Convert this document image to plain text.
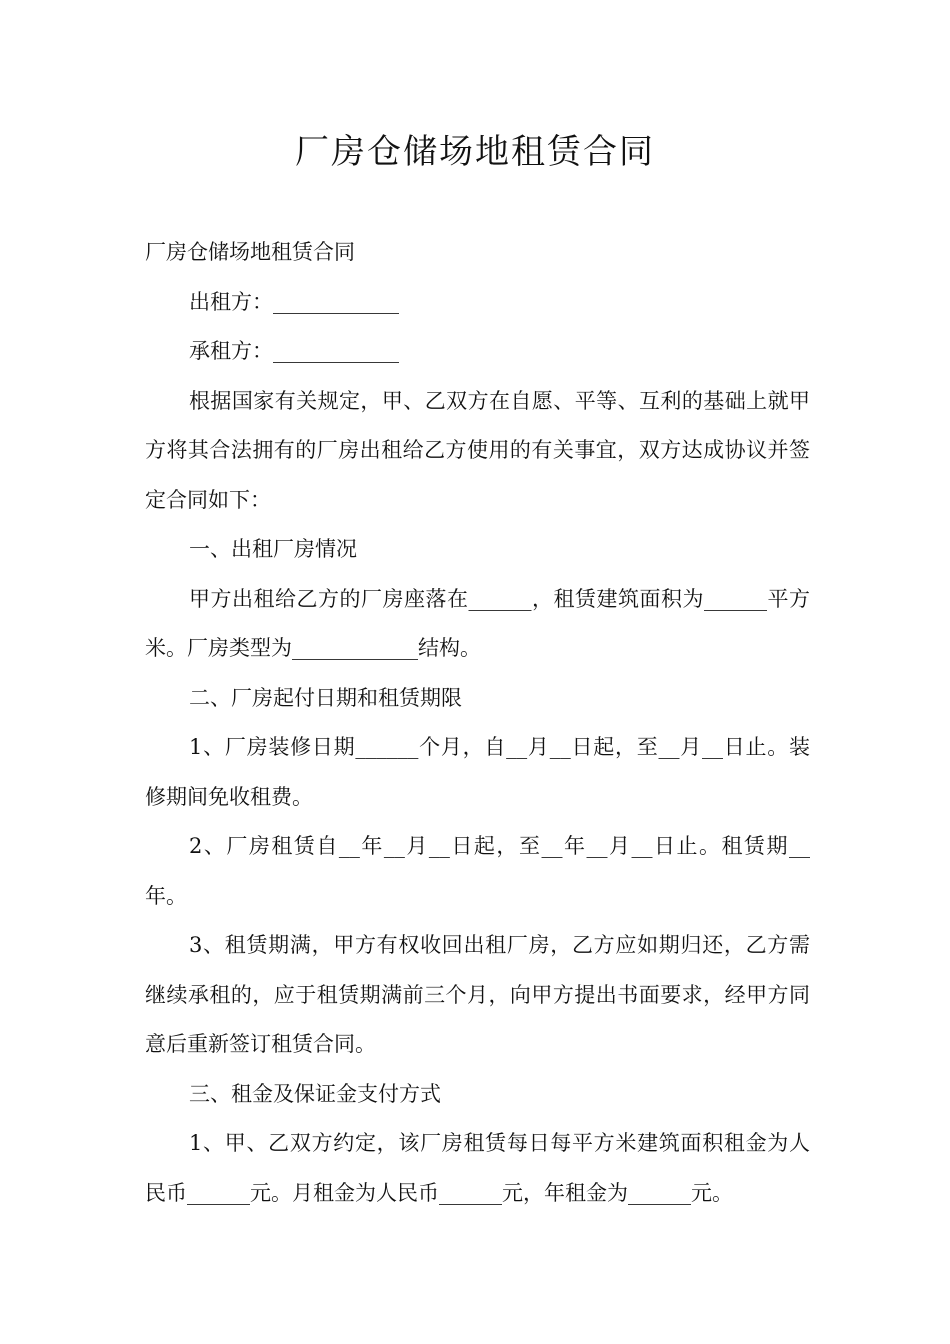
厂房仓储场地租赁合同

厂房仓储场地租赁合同

出租方：____________

承租方：____________

根据国家有关规定，甲、乙双方在自愿、平等、互利的基础上就甲方将其合法拥有的厂房出租给乙方使用的有关事宜，双方达成协议并签定合同如下：

一、出租厂房情况

甲方出租给乙方的厂房座落在______，租赁建筑面积为______平方米。厂房类型为____________结构。

二、厂房起付日期和租赁期限

1、厂房装修日期______个月，自__月__日起，至__月__日止。装修期间免收租费。

2、厂房租赁自__年__月__日起，至__年__月__日止。租赁期__年。

3、租赁期满，甲方有权收回出租厂房，乙方应如期归还，乙方需继续承租的，应于租赁期满前三个月，向甲方提出书面要求，经甲方同意后重新签订租赁合同。

三、租金及保证金支付方式

1、甲、乙双方约定，该厂房租赁每日每平方米建筑面积租金为人民币______元。月租金为人民币______元，年租金为______元。
